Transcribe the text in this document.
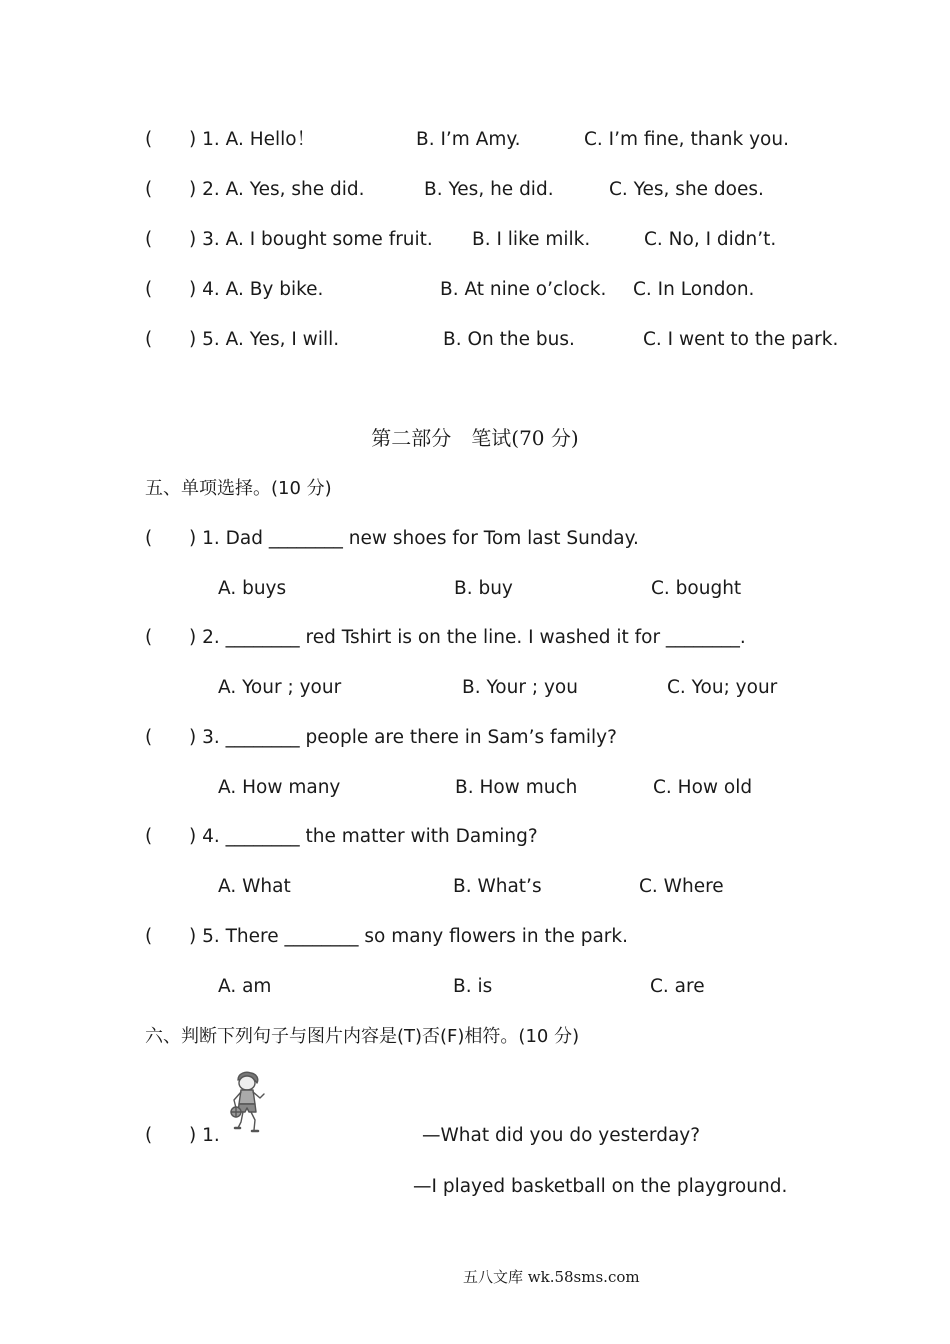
( ) 1. A. Hello！	B. I’m Amy.	C. I’m fine, thank you.
( ) 2. A. Yes, she did.	B. Yes, he did.	C. Yes, she does.
( ) 3. A. I bought some fruit. B. I like milk.	C. No, I didn’t.
( ) 4. A. By bike.	B. At nine o’clock. C. In London.
( ) 5. A. Yes, I will.	B. On the bus.	C. I went to the park.
第二部分　笔试(70 分)
五、单项选择。(10 分)
( ) 1. Dad ________ new shoes for Tom last Sunday.
A. buys	B. buy	C. bought
( ) 2. ________ red Tshirt is on the line. I washed it for ________.
A. Your ; your	B. Your ; you	C. You; your
( ) 3. ________ people are there in Sam’s family?
A. How many	B. How much	C. How old
( ) 4. ________ the matter with Daming?
A. What	B. What’s	C. Where
( ) 5. There ________ so many flowers in the park.
A. am	B. is	C. are
六、判断下列句子与图片内容是(T)否(F)相符。(10 分)
( ) 1.	—What did you do yesterday?
—I played basketball on the playground.
五八文库 wk.58sms.com
